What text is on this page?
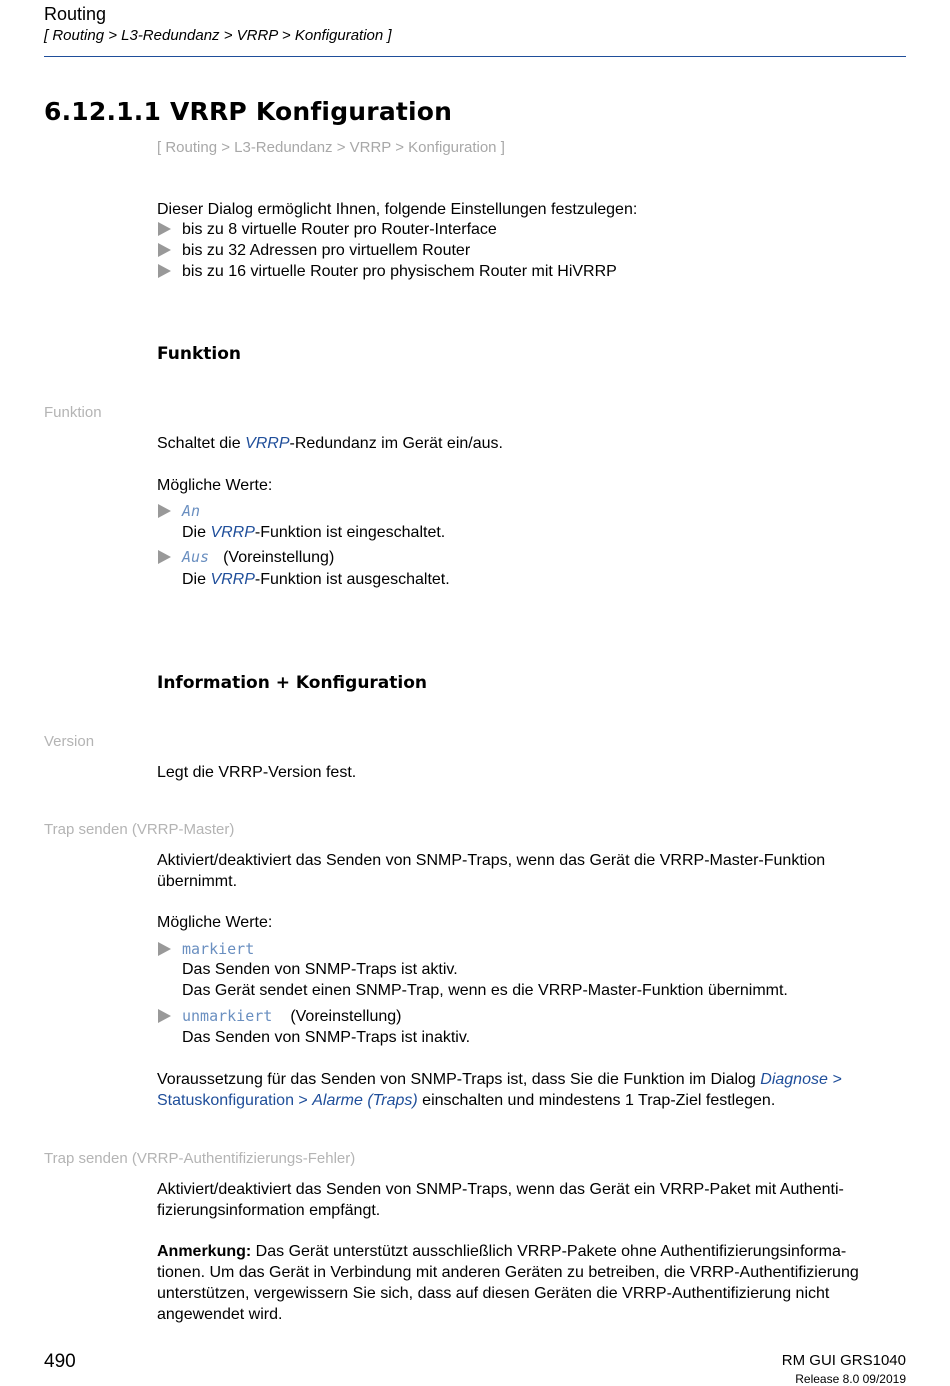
Routing
[ Routing > L3-Redundanz > VRRP > Konfiguration ]
6.12.1.1 VRRP Konfiguration
[ Routing > L3-Redundanz > VRRP > Konfiguration ]
Dieser Dialog ermöglicht Ihnen, folgende Einstellungen festzulegen:
bis zu 8 virtuelle Router pro Router-Interface
bis zu 32 Adressen pro virtuellem Router
bis zu 16 virtuelle Router pro physischem Router mit HiVRRP
Funktion
Funktion
Schaltet die VRRP-Redundanz im Gerät ein/aus.
Mögliche Werte:
An
Die VRRP-Funktion ist eingeschaltet.
Aus (Voreinstellung)
Die VRRP-Funktion ist ausgeschaltet.
Information + Konfiguration
Version
Legt die VRRP-Version fest.
Trap senden (VRRP-Master)
Aktiviert/deaktiviert das Senden von SNMP-Traps, wenn das Gerät die VRRP-Master-Funktion
übernimmt.
Mögliche Werte:
markiert
Das Senden von SNMP-Traps ist aktiv.
Das Gerät sendet einen SNMP-Trap, wenn es die VRRP-Master-Funktion übernimmt.
unmarkiert (Voreinstellung)
Das Senden von SNMP-Traps ist inaktiv.
Voraussetzung für das Senden von SNMP-Traps ist, dass Sie die Funktion im Dialog Diagnose >
Statuskonfiguration > Alarme (Traps) einschalten und mindestens 1 Trap-Ziel festlegen.
Trap senden (VRRP-Authentifizierungs-Fehler)
Aktiviert/deaktiviert das Senden von SNMP-Traps, wenn das Gerät ein VRRP-Paket mit Authenti-
fizierungsinformation empfängt.
Anmerkung: Das Gerät unterstützt ausschließlich VRRP-Pakete ohne Authentifizierungsinforma-
tionen. Um das Gerät in Verbindung mit anderen Geräten zu betreiben, die VRRP-Authentifizierung
unterstützen, vergewissern Sie sich, dass auf diesen Geräten die VRRP-Authentifizierung nicht
angewendet wird.
490	RM GUI GRS1040
Release 8.0 09/2019
